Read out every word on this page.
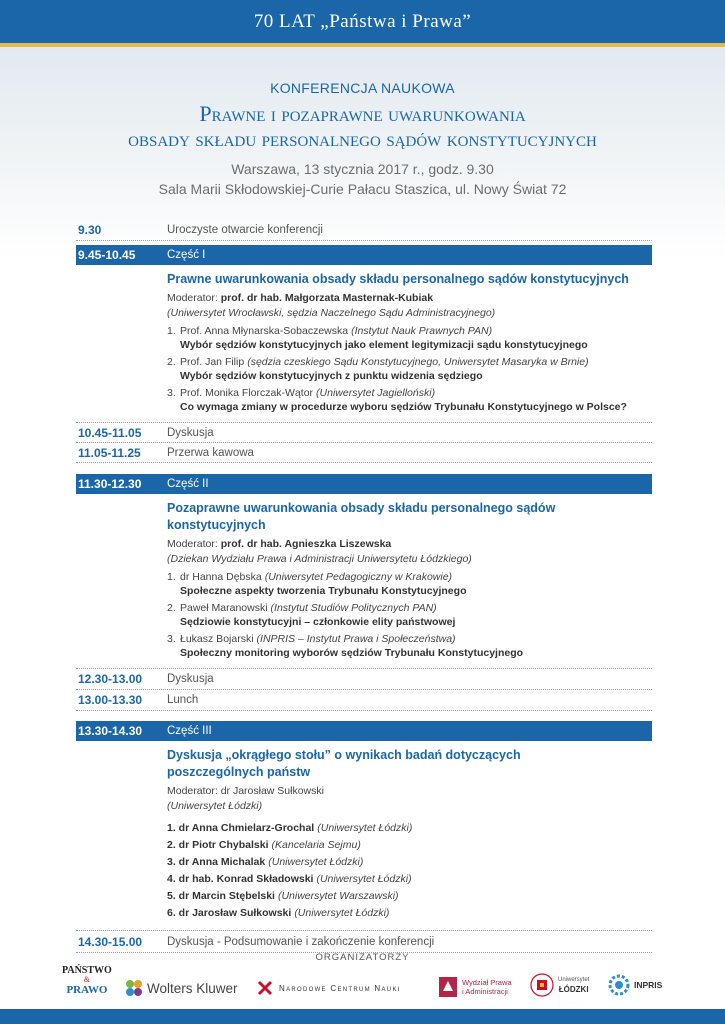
70 LAT „Państwa i Prawa”
KONFERENCJA NAUKOWA
Prawne i pozaprawne uwarunkowania
obsady składu personalnego sądów konstytucyjnych
Warszawa, 13 stycznia 2017 r., godz. 9.30
Sala Marii Skłodowskiej-Curie Pałacu Staszica, ul. Nowy Świat 72
9.30	Uroczyste otwarcie konferencji
9.45-10.45	Część I
Prawne uwarunkowania obsady składu personalnego sądów konstytucyjnych
Moderator: prof. dr hab. Małgorzata Masternak-Kubiak
(Uniwersytet Wrocławski, sędzia Naczelnego Sądu Administracyjnego)
1. Prof. Anna Młynarska-Sobaczewska (Instytut Nauk Prawnych PAN)
Wybór sędziów konstytucyjnych jako element legitymizacji sądu konstytucyjnego
2. Prof. Jan Filip (sędzia czeskiego Sądu Konstytucyjnego, Uniwersytet Masaryka w Brnie)
Wybór sędziów konstytucyjnych z punktu widzenia sędziego
3. Prof. Monika Florczak-Wątor (Uniwersytet Jagielloński)
Co wymaga zmiany w procedurze wyboru sędziów Trybunału Konstytucyjnego w Polsce?
10.45-11.05	Dyskusja
11.05-11.25	Przerwa kawowa
11.30-12.30	Część II
Pozaprawne uwarunkowania obsady składu personalnego sądów konstytucyjnych
Moderator: prof. dr hab. Agnieszka Liszewska
(Dziekan Wydziału Prawa i Administracji Uniwersytetu Łódzkiego)
1. dr Hanna Dębska (Uniwersytet Pedagogiczny w Krakowie)
Społeczne aspekty tworzenia Trybunału Konstytucyjnego
2. Paweł Maranowski (Instytut Studiów Politycznych PAN)
Sędziowie konstytucyjni – członkowie elity państwowej
3. Łukasz Bojarski (INPRIS – Instytut Prawa i Społeczeństwa)
Społeczny monitoring wyborów sędziów Trybunału Konstytucyjnego
12.30-13.00	Dyskusja
13.00-13.30	Lunch
13.30-14.30	Część III
Dyskusja „okrągłego stołu” o wynikach badań dotyczących
poszczególnych państw
Moderator: dr Jarosław Sułkowski
(Uniwersytet Łódzki)
1. dr Anna Chmielarz-Grochal (Uniwersytet Łódzki)
2. dr Piotr Chybalski (Kancelaria Sejmu)
3. dr Anna Michalak (Uniwersytet Łódzki)
4. dr hab. Konrad Składowski (Uniwersytet Łódzki)
5. dr Marcin Stębelski (Uniwersytet Warszawski)
6. dr Jarosław Sułkowski (Uniwersytet Łódzki)
14.30-15.00	Dyskusja - Podsumowanie i zakończenie konferencji
ORGANIZATORZY
PAŃSTWO
&
PRAWO	Wolters Kluwer	Narodowe Centrum Nauki
Wydział Prawa
i Administracji
Uniwersytet
ŁÓDZKI	INPRIS
